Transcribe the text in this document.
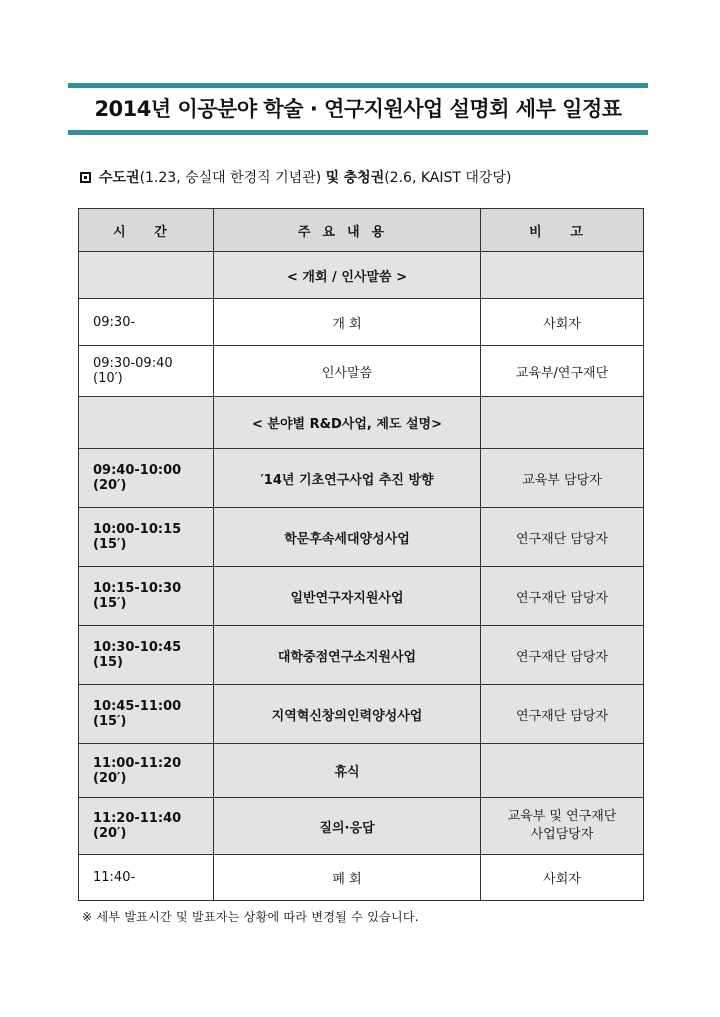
2014년 이공분야 학술 · 연구지원사업 설명회 세부 일정표
수도권(1.23, 숭실대 한경직 기념관) 및 충청권(2.6, KAIST 대강당)
시 간	주요내용	비 고
	< 개회 / 인사말씀 >	
09:30-	개 회	사회자
09:30-09:40 (10′)	인사말씀	교육부/연구재단
	< 분야별 R&D사업, 제도 설명>	
09:40-10:00 (20′)	′14년 기초연구사업 추진 방향	교육부 담당자
10:00-10:15 (15′)	학문후속세대양성사업	연구재단 담당자
10:15-10:30 (15′)	일반연구자지원사업	연구재단 담당자
10:30-10:45 (15)	대학중점연구소지원사업	연구재단 담당자
10:45-11:00 (15′)	지역혁신창의인력양성사업	연구재단 담당자
11:00-11:20 (20′)	휴식	
11:20-11:40 (20′)	질의·응답	교육부 및 연구재단
사업담당자

11:40-	폐 회	사회자
※ 세부 발표시간 및 발표자는 상황에 따라 변경될 수 있습니다.
